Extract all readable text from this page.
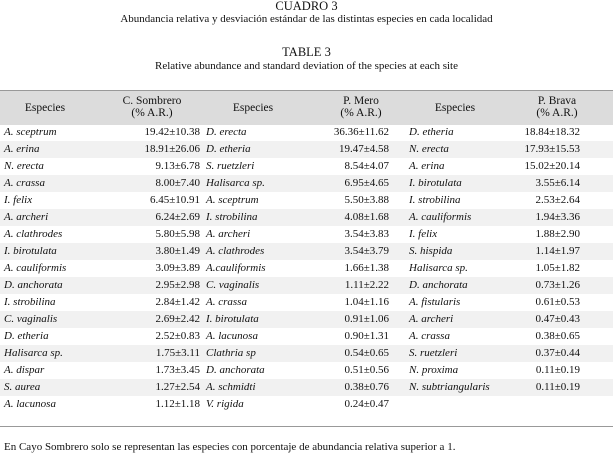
CUADRO 3
Abundancia relativa y desviación estándar de las distintas especies en cada localidad
TABLE 3
Relative abundance and standard deviation of the species at each site
Especies
C. Sombrero
(% A.R.)	Especies
P. Mero
(% A.R.)	Especies
P. Brava
(% A.R.)
A. sceptrum	19.42±10.38 D. erecta	36.36±11.62 D. etheria	18.84±18.32
A. erina	18.91±26.06 D. etheria	19.47±4.58 N. erecta	17.93±15.53
N. erecta	9.13±6.78 S. ruetzleri	8.54±4.07 A. erina	15.02±20.14
A. crassa	8.00±7.40 Halisarca sp.	6.95±4.65 I. birotulata	3.55±6.14
I. felix	6.45±10.91 A. sceptrum	5.50±3.88 I. strobilina	2.53±2.64
A. archeri	6.24±2.69 I. strobilina	4.08±1.68 A. cauliformis	1.94±3.36
A. clathrodes	5.80±5.98 A. archeri	3.54±3.83 I. felix	1.88±2.90
I. birotulata	3.80±1.49 A. clathrodes	3.54±3.79 S. hispida	1.14±1.97
A. cauliformis	3.09±3.89 A.cauliformis	1.66±1.38 Halisarca sp.	1.05±1.82
D. anchorata	2.95±2.98 C. vaginalis	1.11±2.22 D. anchorata	0.73±1.26
I. strobilina	2.84±1.42 A. crassa	1.04±1.16 A. fistularis	0.61±0.53
C. vaginalis	2.69±2.42 I. birotulata	0.91±1.06 A. archeri	0.47±0.43
D. etheria	2.52±0.83 A. lacunosa	0.90±1.31 A. crassa	0.38±0.65
Halisarca sp.	1.75±3.11 Clathria sp	0.54±0.65 S. ruetzleri	0.37±0.44
A. dispar	1.73±3.45 D. anchorata	0.51±0.56 N. proxima	0.11±0.19
S. aurea	1.27±2.54 A. schmidti	0.38±0.76 N. subtriangularis	0.11±0.19
A. lacunosa	1.12±1.18 V. rigida	0.24±0.47
En Cayo Sombrero solo se representan las especies con porcentaje de abundancia relativa superior a 1.
